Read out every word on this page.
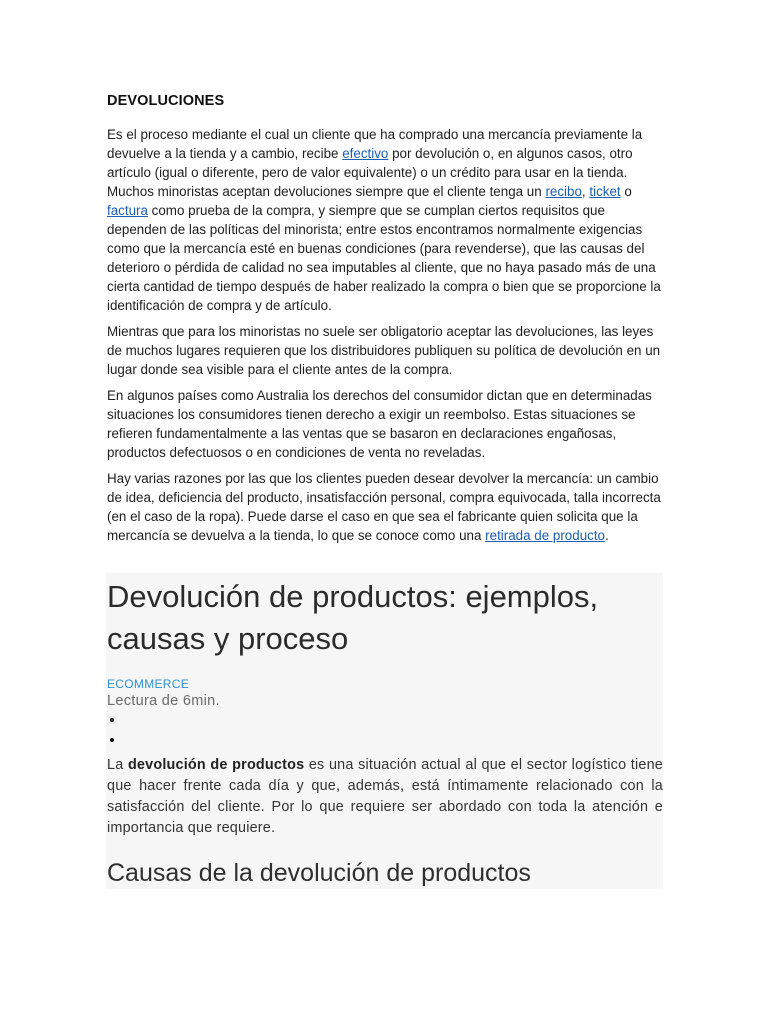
DEVOLUCIONES

Es el proceso mediante el cual un cliente que ha comprado una mercancía previamente la devuelve a la tienda y a cambio, recibe efectivo por devolución o, en algunos casos, otro artículo (igual o diferente, pero de valor equivalente) o un crédito para usar en la tienda. Muchos minoristas aceptan devoluciones siempre que el cliente tenga un recibo, ticket o factura como prueba de la compra, y siempre que se cumplan ciertos requisitos que dependen de las políticas del minorista; entre estos encontramos normalmente exigencias como que la mercancía esté en buenas condiciones (para revenderse), que las causas del deterioro o pérdida de calidad no sea imputables al cliente, que no haya pasado más de una cierta cantidad de tiempo después de haber realizado la compra o bien que se proporcione la identificación de compra y de artículo.

Mientras que para los minoristas no suele ser obligatorio aceptar las devoluciones, las leyes de muchos lugares requieren que los distribuidores publiquen su política de devolución en un lugar donde sea visible para el cliente antes de la compra.

En algunos países como Australia los derechos del consumidor dictan que en determinadas situaciones los consumidores tienen derecho a exigir un reembolso. Estas situaciones se refieren fundamentalmente a las ventas que se basaron en declaraciones engañosas, productos defectuosos o en condiciones de venta no reveladas.

Hay varias razones por las que los clientes pueden desear devolver la mercancía: un cambio de idea, deficiencia del producto, insatisfacción personal, compra equivocada, talla incorrecta (en el caso de la ropa). Puede darse el caso en que sea el fabricante quien solicita que la mercancía se devuelva a la tienda, lo que se conoce como una retirada de producto.

Devolución de productos: ejemplos, causas y proceso
ECOMMERCE
Lectura de 6min.
•
•
La devolución de productos es una situación actual al que el sector logístico tiene que hacer frente cada día y que, además, está íntimamente relacionado con la satisfacción del cliente. Por lo que requiere ser abordado con toda la atención e importancia que requiere.
Causas de la devolución de productos
